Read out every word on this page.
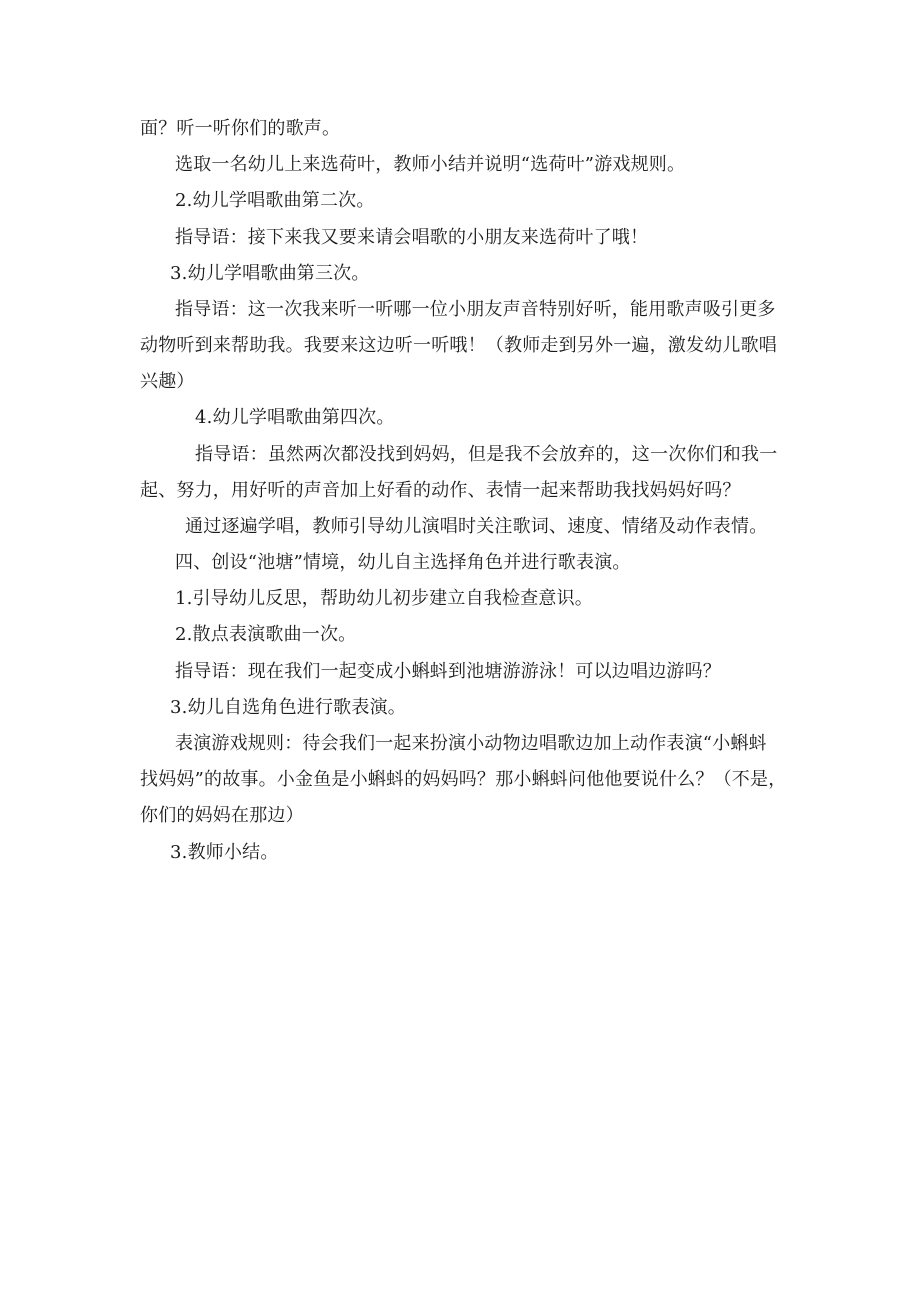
面？听一听你们的歌声。
选取一名幼儿上来选荷叶，教师小结并说明“选荷叶”游戏规则。
2.幼儿学唱歌曲第二次。
指导语：接下来我又要来请会唱歌的小朋友来选荷叶了哦！
3.幼儿学唱歌曲第三次。
指导语：这一次我来听一听哪一位小朋友声音特别好听，能用歌声吸引更多
动物听到来帮助我。我要来这边听一听哦！（教师走到另外一遍，激发幼儿歌唱
兴趣）
4.幼儿学唱歌曲第四次。
指导语：虽然两次都没找到妈妈，但是我不会放弃的，这一次你们和我一
起、努力，用好听的声音加上好看的动作、表情一起来帮助我找妈妈好吗？
通过逐遍学唱，教师引导幼儿演唱时关注歌词、速度、情绪及动作表情。
四、创设“池塘”情境，幼儿自主选择角色并进行歌表演。
1.引导幼儿反思，帮助幼儿初步建立自我检查意识。
2.散点表演歌曲一次。
指导语：现在我们一起变成小蝌蚪到池塘游游泳！可以边唱边游吗？
3.幼儿自选角色进行歌表演。
表演游戏规则：待会我们一起来扮演小动物边唱歌边加上动作表演“小蝌蚪
找妈妈”的故事。小金鱼是小蝌蚪的妈妈吗？那小蝌蚪问他他要说什么？（不是，
你们的妈妈在那边）
3.教师小结。
